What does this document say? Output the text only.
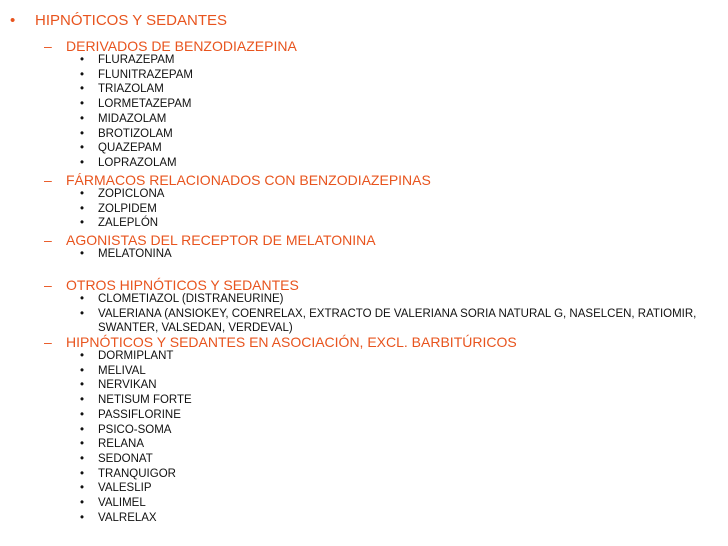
• HIPNÓTICOS Y SEDANTES
– DERIVADOS DE BENZODIAZEPINA
• FLURAZEPAM
• FLUNITRAZEPAM
• TRIAZOLAM
• LORMETAZEPAM
• MIDAZOLAM
• BROTIZOLAM
• QUAZEPAM
• LOPRAZOLAM
– FÁRMACOS RELACIONADOS CON BENZODIAZEPINAS
• ZOPICLONA
• ZOLPIDEM
• ZALEPLÓN
– AGONISTAS DEL RECEPTOR DE MELATONINA
• MELATONINA
– OTROS HIPNÓTICOS Y SEDANTES
• CLOMETIAZOL (DISTRANEURINE)
• VALERIANA (ANSIOKEY, COENRELAX, EXTRACTO DE VALERIANA SORIA NATURAL G, NASELCEN, RATIOMIR, SWANTER, VALSEDAN, VERDEVAL)
– HIPNÓTICOS Y SEDANTES EN ASOCIACIÓN, EXCL. BARBITÚRICOS
• DORMIPLANT
• MELIVAL
• NERVIKAN
• NETISUM FORTE
• PASSIFLORINE
• PSICO-SOMA
• RELANA
• SEDONAT
• TRANQUIGOR
• VALESLIP
• VALIMEL
• VALRELAX
